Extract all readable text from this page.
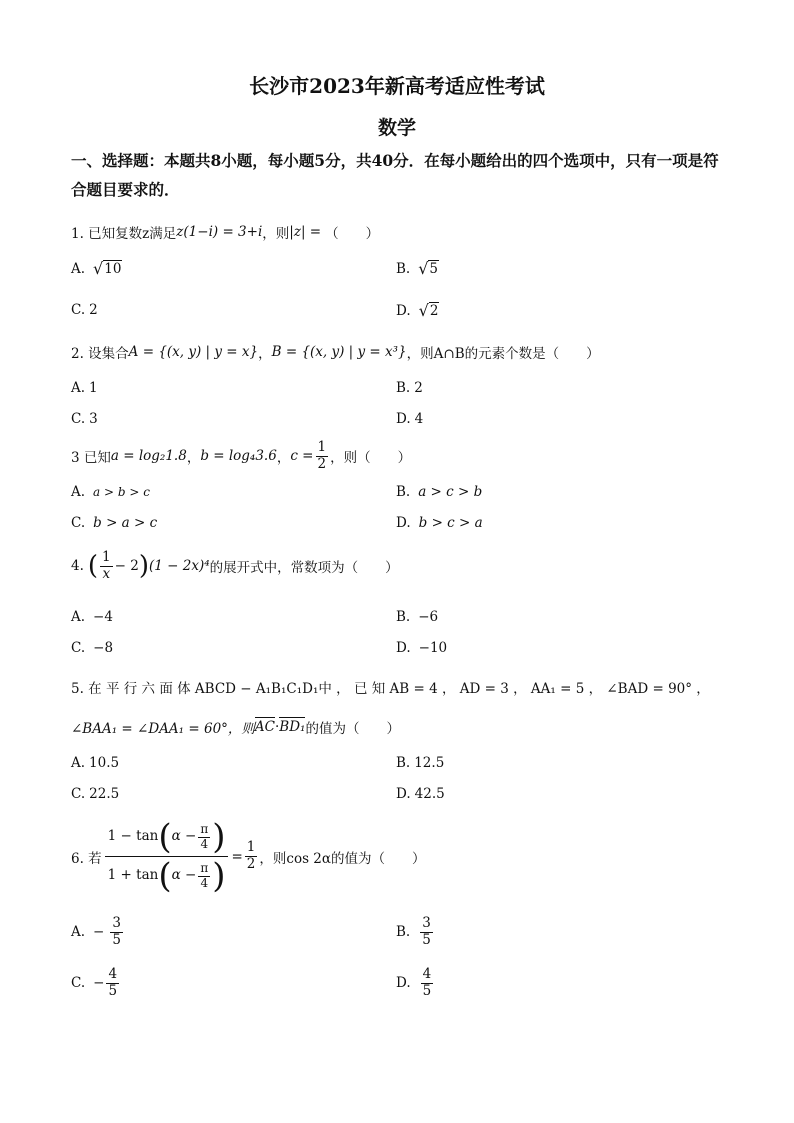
长沙市2023年新高考适应性考试
数学
一、选择题：本题共8小题，每小题5分，共40分．在每小题给出的四个选项中，只有一项是符合题目要求的．
1. 已知复数z满足 z(1−i) = 3+i ，则 |z| = （　　）
A. √ 10	B. √ 5
C. 2	D. √ 2
2. 设集合 A = {(x, y) | y = x} ， B = {(x, y) | y = x³} ，则A∩B的元素个数是（　　）
A. 1	B. 2
C. 3	D. 4
3 已知 a = log₂1.8 ， b = log₄3.6 ， $c = \frac{1}{2}$ ，则（　　）
A. a > b > c	B. a > c > b
C. b > a > c	D. b > c > a
4. ( $\frac{1}{x} - 2$ ) (1 − 2x)⁴ 的展开式中，常数项为（　　）
A. −4	B. −6
C. −8	D. −10
5. 在 平 行 六 面 体 ABCD − A₁B₁C₁D₁中 ， 已 知 AB = 4 ， AD = 3 ， AA₁ = 5 ， ∠BAD = 90° ，
∠BAA₁ = ∠DAA₁ = 60°，则 AC · BD₁ 的值为（　　）
A. 10.5	B. 12.5
C. 22.5	D. 42.5
6. 若 $\frac{1 - \tan ( \alpha - \frac{\pi}{4} )}{1 + \tan ( \alpha - \frac{\pi}{4} )} = \frac{1}{2}$ ，则cos 2α的值为（　　）
A. − $\frac{3}{5}$	B. $\frac{3}{5}$
C. − $\frac{4}{5}$	D. $\frac{4}{5}$
